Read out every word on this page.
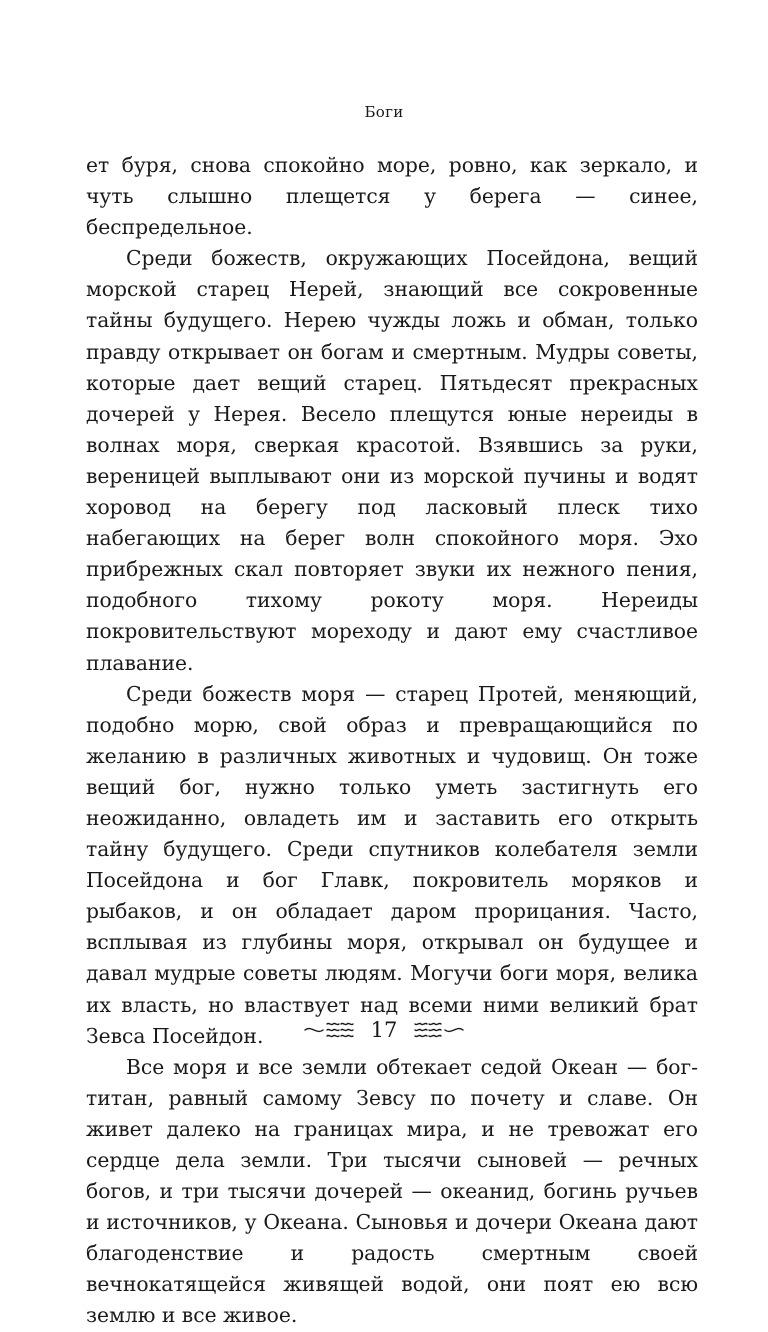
Боги

ет буря, снова спокойно море, ровно, как зеркало, и чуть слышно плещется у берега — синее, беспредельное.

Среди божеств, окружающих Посейдона, вещий морской старец Нерей, знающий все сокровенные тайны будущего. Нерею чужды ложь и обман, только правду открывает он богам и смертным. Мудры советы, которые дает вещий старец. Пятьдесят прекрасных дочерей у Нерея. Весело плещутся юные нереиды в волнах моря, сверкая красотой. Взявшись за руки, вереницей выплывают они из морской пучины и водят хоровод на берегу под ласковый плеск тихо набегающих на берег волн спокойного моря. Эхо прибрежных скал повторяет звуки их нежного пения, подобного тихому рокоту моря. Нереиды покровительствуют мореходу и дают ему счастливое плавание.

Среди божеств моря — старец Протей, меняющий, подобно морю, свой образ и превращающийся по желанию в различных животных и чудовищ. Он тоже вещий бог, нужно только уметь застигнуть его неожиданно, овладеть им и заставить его открыть тайну будущего. Среди спутников колебателя земли Посейдона и бог Главк, покровитель моряков и рыбаков, и он обладает даром прорицания. Часто, всплывая из глубины моря, открывал он будущее и давал мудрые советы людям. Могучи боги моря, велика их власть, но властвует над всеми ними великий брат Зевса Посейдон.

Все моря и все земли обтекает седой Океан — бог-титан, равный самому Зевсу по почету и славе. Он живет далеко на границах мира, и не тревожат его сердце дела земли. Три тысячи сыновей — речных богов, и три тысячи дочерей — океанид, богинь ручьев и источников, у Океана. Сыновья и дочери Океана дают благоденствие и радость смертным своей вечнокатящейся живящей водой, они поят ею всю землю и все живое.

17
